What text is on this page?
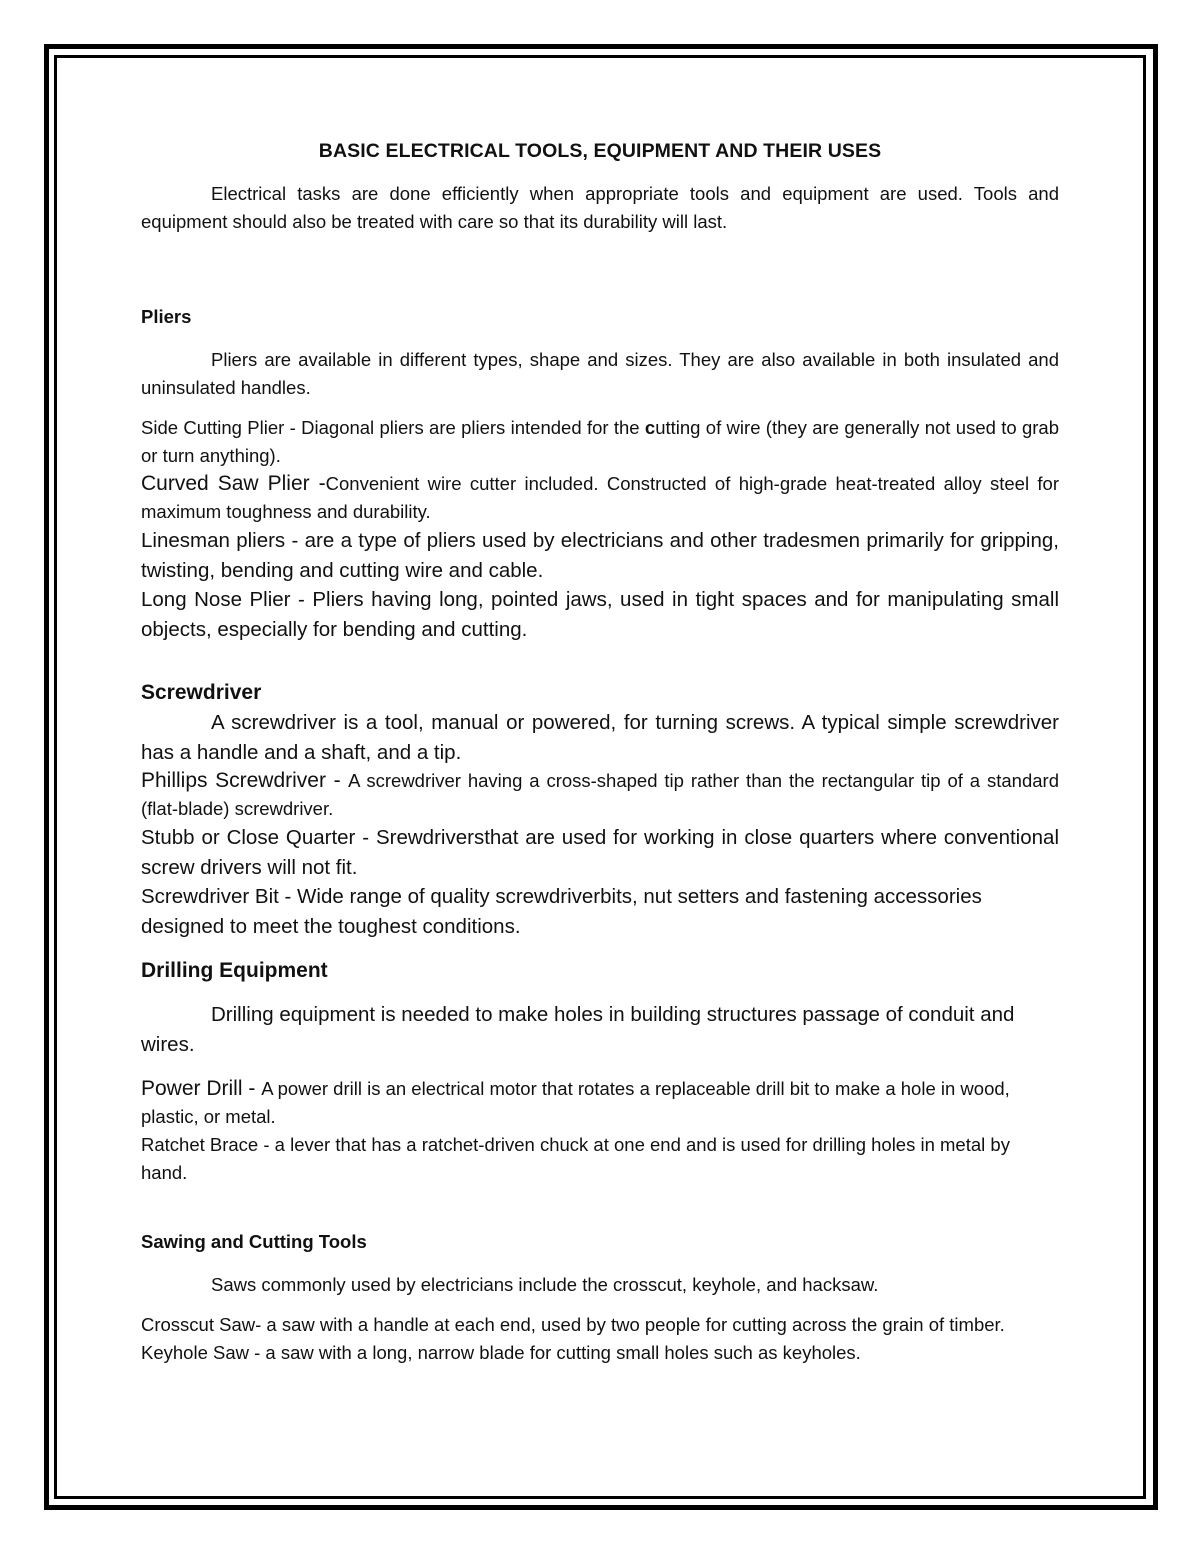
BASIC ELECTRICAL TOOLS, EQUIPMENT AND THEIR USES

Electrical tasks are done efficiently when appropriate tools and equipment are used. Tools and equipment should also be treated with care so that its durability will last.

Pliers

Pliers are available in different types, shape and sizes. They are also available in both insulated and uninsulated handles.

Side Cutting Plier - Diagonal pliers are pliers intended for the cutting of wire (they are generally not used to grab or turn anything).

Curved Saw Plier -Convenient wire cutter included. Constructed of high-grade heat-treated alloy steel for maximum toughness and durability.

Linesman pliers - are a type of pliers used by electricians and other tradesmen primarily for gripping, twisting, bending and cutting wire and cable.

Long Nose Plier - Pliers having long, pointed jaws, used in tight spaces and for manipulating small objects, especially for bending and cutting.

Screwdriver

A screwdriver is a tool, manual or powered, for turning screws. A typical simple screwdriver has a handle and a shaft, and a tip.

Phillips Screwdriver - A screwdriver having a cross-shaped tip rather than the rectangular tip of a standard (flat-blade) screwdriver.

Stubb or Close Quarter - Srewdriversthat are used for working in close quarters where conventional screw drivers will not fit.

Screwdriver Bit - Wide range of quality screwdriverbits, nut setters and fastening accessories designed to meet the toughest conditions.

Drilling Equipment

Drilling equipment is needed to make holes in building structures passage of conduit and wires.

Power Drill - A power drill is an electrical motor that rotates a replaceable drill bit to make a hole in wood, plastic, or metal.

Ratchet Brace - a lever that has a ratchet-driven chuck at one end and is used for drilling holes in metal by hand.

Sawing and Cutting Tools

Saws commonly used by electricians include the crosscut, keyhole, and hacksaw.

Crosscut Saw- a saw with a handle at each end, used by two people for cutting across the grain of timber.

Keyhole Saw - a saw with a long, narrow blade for cutting small holes such as keyholes.
